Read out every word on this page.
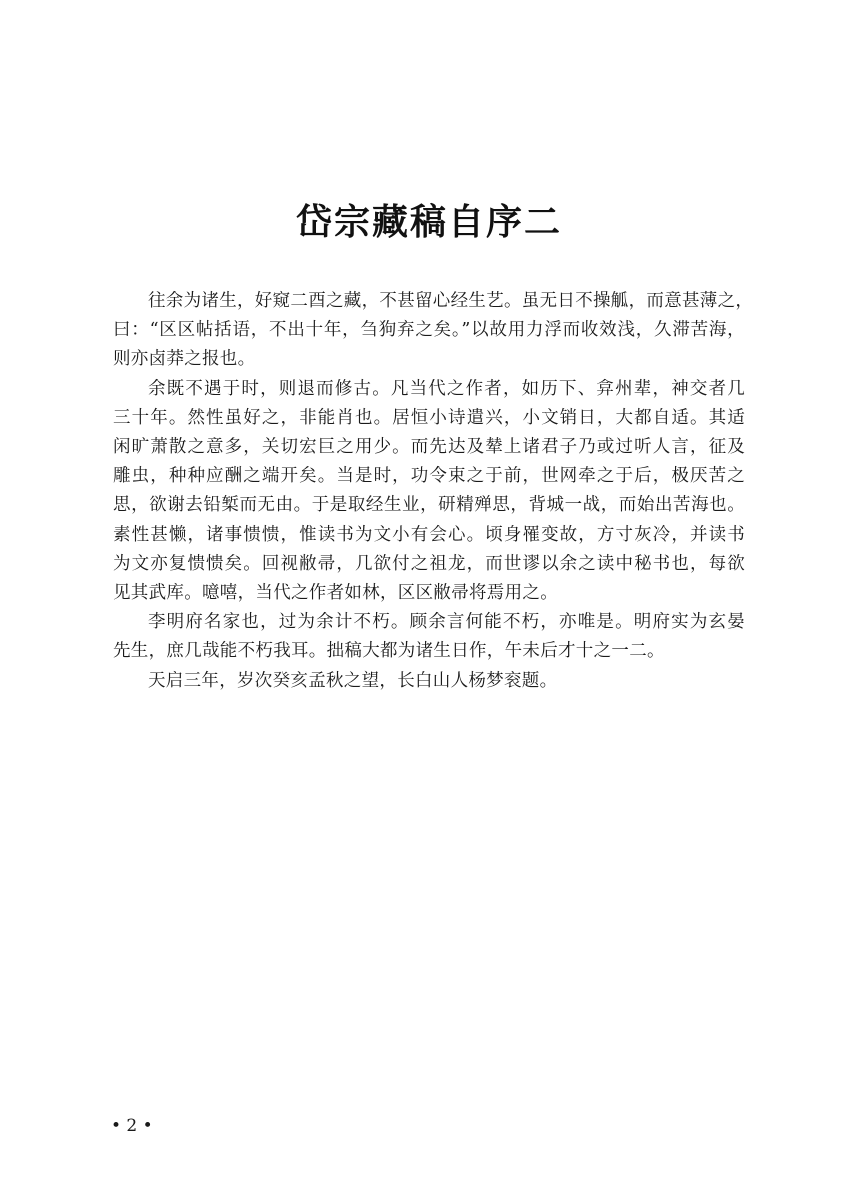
岱宗藏稿自序二

往余为诸生，好窥二酉之藏，不甚留心经生艺。虽无日不操觚，而意甚薄之，
曰：“区区帖括语，不出十年，刍狗弃之矣。”以故用力浮而收效浅，久滞苦海，
则亦卤莽之报也。

余既不遇于时，则退而修古。凡当代之作者，如历下、弇州辈，神交者几
三十年。然性虽好之，非能肖也。居恒小诗遣兴，小文销日，大都自适。其适
闲旷萧散之意多，关切宏巨之用少。而先达及辇上诸君子乃或过听人言，征及
雕虫，种种应酬之端开矣。当是时，功令束之于前，世网牵之于后，极厌苦之
思，欲谢去铅椠而无由。于是取经生业，研精殚思，背城一战，而始出苦海也。
素性甚懒，诸事愦愦，惟读书为文小有会心。顷身罹变故，方寸灰冷，并读书
为文亦复愦愦矣。回视敝帚，几欲付之祖龙，而世谬以余之读中秘书也，每欲
见其武库。噫嘻，当代之作者如林，区区敝帚将焉用之。

李明府名家也，过为余计不朽。顾余言何能不朽，亦唯是。明府实为玄晏
先生，庶几哉能不朽我耳。拙稿大都为诸生日作，午未后才十之一二。

天启三年，岁次癸亥孟秋之望，长白山人杨梦衮题。

• 2 •
